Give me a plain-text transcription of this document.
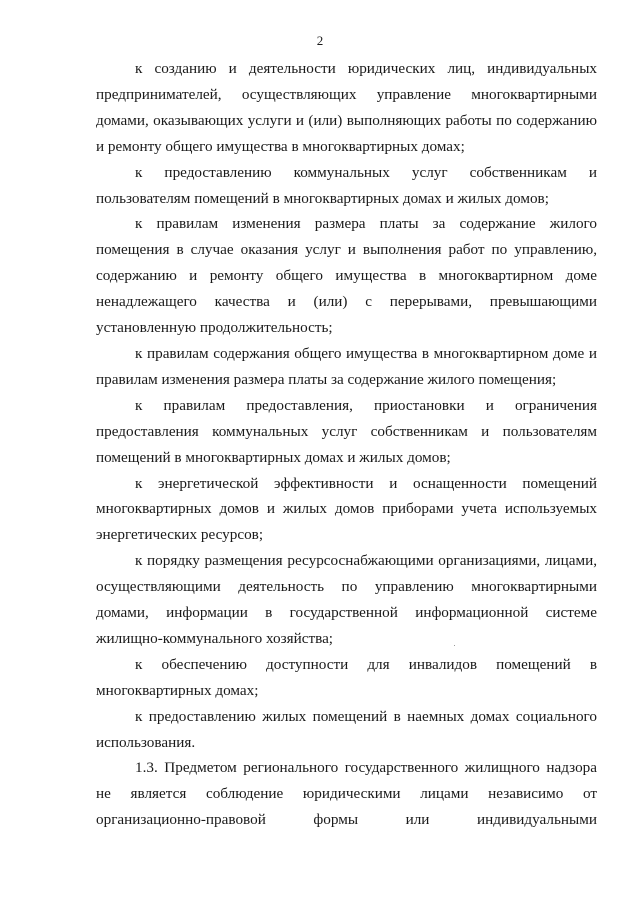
2

к созданию и деятельности юридических лиц, индивидуальных предпринимателей, осуществляющих управление многоквартирными домами, оказывающих услуги и (или) выполняющих работы по содержанию и ремонту общего имущества в многоквартирных домах;

к предоставлению коммунальных услуг собственникам и пользователям помещений в многоквартирных домах и жилых домов;

к правилам изменения размера платы за содержание жилого помещения в случае оказания услуг и выполнения работ по управлению, содержанию и ремонту общего имущества в многоквартирном доме ненадлежащего качества и (или) с перерывами, превышающими установленную продолжительность;

к правилам содержания общего имущества в многоквартирном доме и правилам изменения размера платы за содержание жилого помещения;

к правилам предоставления, приостановки и ограничения предоставления коммунальных услуг собственникам и пользователям помещений в многоквартирных домах и жилых домов;

к энергетической эффективности и оснащенности помещений многоквартирных домов и жилых домов приборами учета используемых энергетических ресурсов;

к порядку размещения ресурсоснабжающими организациями, лицами, осуществляющими деятельность по управлению многоквартирными домами, информации в государственной информационной системе жилищно-коммунального хозяйства;

к обеспечению доступности для инвалидов помещений в многоквартирных домах;

к предоставлению жилых помещений в наемных домах социального использования.

1.3. Предметом регионального государственного жилищного надзора не является соблюдение юридическими лицами независимо от организационно-правовой формы или индивидуальными
